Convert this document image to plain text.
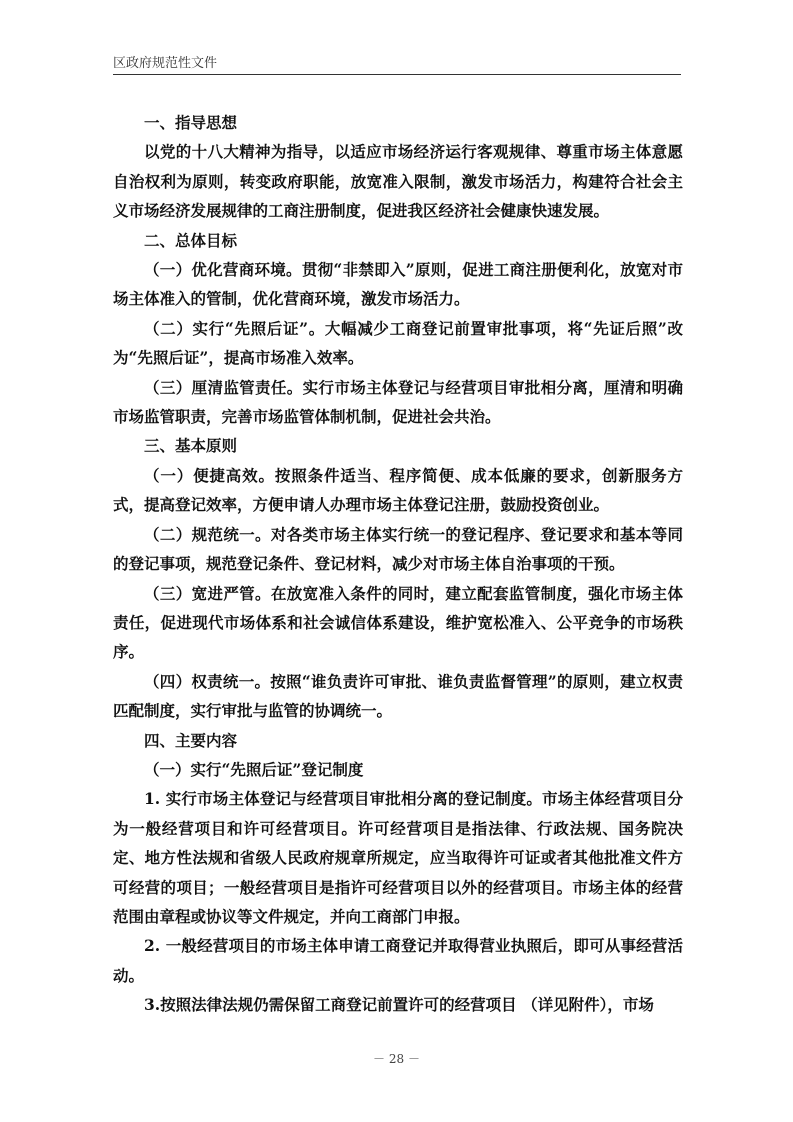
区政府规范性文件

一、指导思想

以党的十八大精神为指导，以适应市场经济运行客观规律、尊重市场主体意愿自治权利为原则，转变政府职能，放宽准入限制，激发市场活力，构建符合社会主义市场经济发展规律的工商注册制度，促进我区经济社会健康快速发展。

二、总体目标

（一）优化营商环境。贯彻“非禁即入”原则，促进工商注册便利化，放宽对市场主体准入的管制，优化营商环境，激发市场活力。

（二）实行“先照后证”。大幅减少工商登记前置审批事项，将“先证后照”改为“先照后证”，提高市场准入效率。

（三）厘清监管责任。实行市场主体登记与经营项目审批相分离，厘清和明确市场监管职责，完善市场监管体制机制，促进社会共治。

三、基本原则

（一）便捷高效。按照条件适当、程序简便、成本低廉的要求，创新服务方式，提高登记效率，方便申请人办理市场主体登记注册，鼓励投资创业。

（二）规范统一。对各类市场主体实行统一的登记程序、登记要求和基本等同的登记事项，规范登记条件、登记材料，减少对市场主体自治事项的干预。

（三）宽进严管。在放宽准入条件的同时，建立配套监管制度，强化市场主体责任，促进现代市场体系和社会诚信体系建设，维护宽松准入、公平竞争的市场秩序。

（四）权责统一。按照“谁负责许可审批、谁负责监督管理”的原则，建立权责匹配制度，实行审批与监管的协调统一。

四、主要内容

（一）实行“先照后证”登记制度

1. 实行市场主体登记与经营项目审批相分离的登记制度。市场主体经营项目分为一般经营项目和许可经营项目。许可经营项目是指法律、行政法规、国务院决定、地方性法规和省级人民政府规章所规定，应当取得许可证或者其他批准文件方可经营的项目；一般经营项目是指许可经营项目以外的经营项目。市场主体的经营范围由章程或协议等文件规定，并向工商部门申报。

2. 一般经营项目的市场主体申请工商登记并取得营业执照后，即可从事经营活动。

3.按照法律法规仍需保留工商登记前置许可的经营项目 （详见附件），市场

－ 28 －
